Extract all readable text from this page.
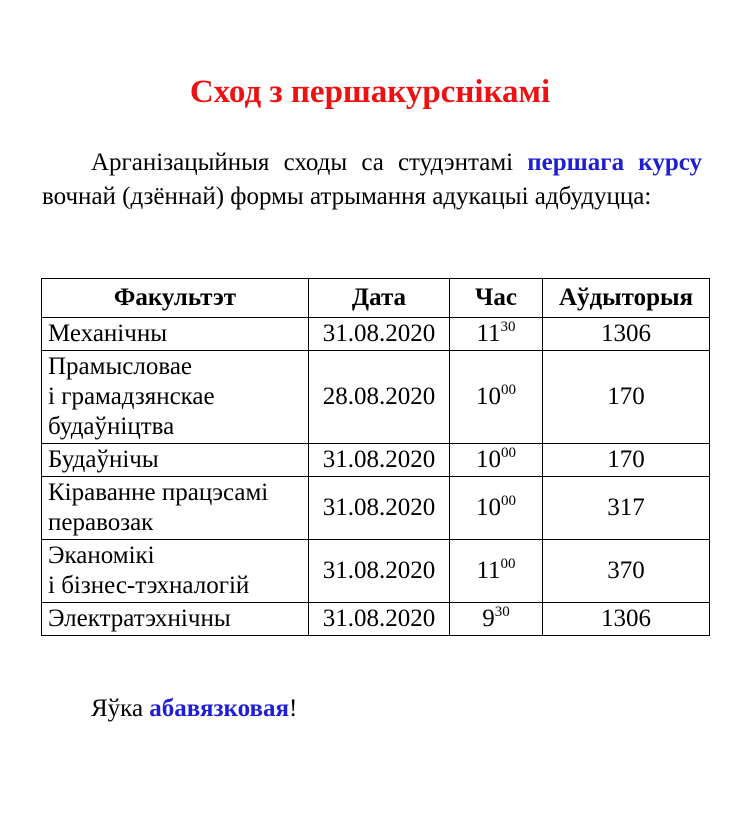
Сход з першакурснікамі

Арганізацыйныя сходы са студэнтамі першага курсу вочнай (дзённай) формы атрымання адукацыі адбудуцца:

Факультэт	Дата	Час	Аўдыторыя

Механічны	31.08.2020	$11^{30}$	1306

Прамысловае
і грамадзянскае
будаўніцтва	28.08.2020	$10^{00}$	170

Будаўнічы	31.08.2020	$10^{00}$	170

Кіраванне працэсамі
перавозак	31.08.2020	$10^{00}$	317

Эканомікі
і бізнес-тэхналогій	31.08.2020	$11^{00}$	370

Электратэхнічны	31.08.2020	$9^{30}$	1306

Яўка абавязковая!
